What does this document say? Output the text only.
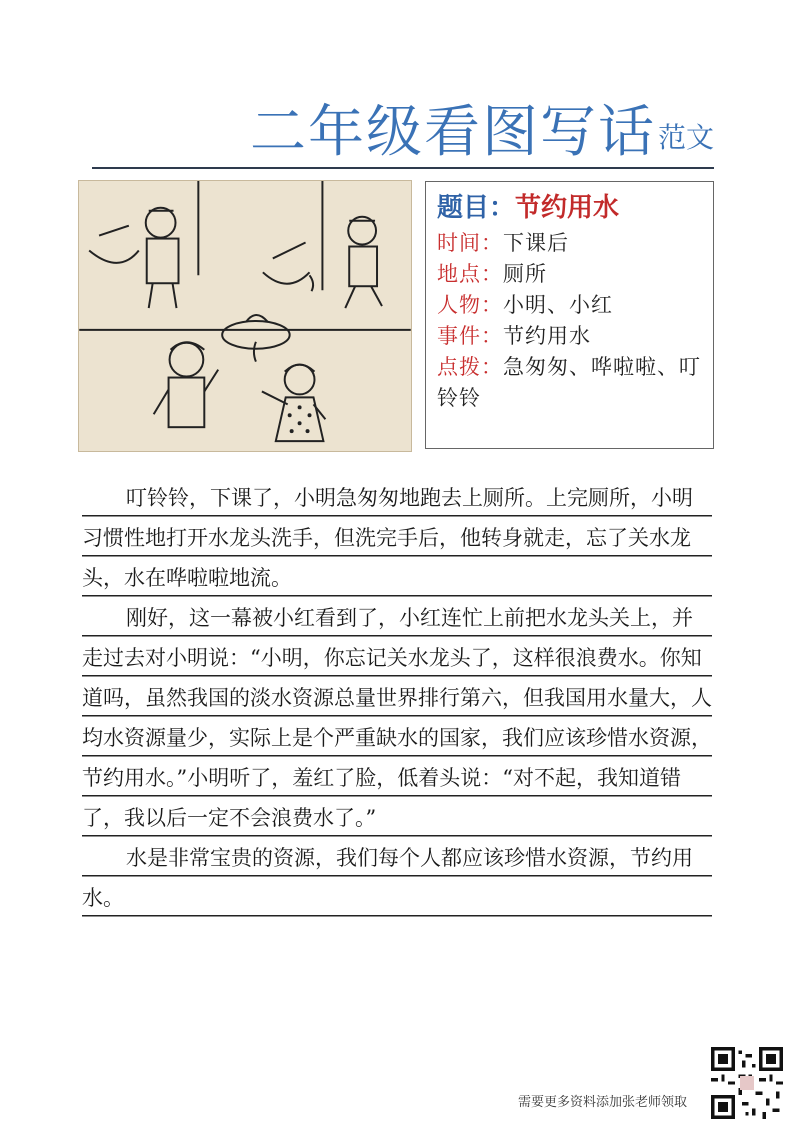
二年级看图写话范文
题目：节约用水
时间：下课后
地点：厕所
人物：小明、小红
事件：节约用水
点拨：急匆匆、哗啦啦、叮铃铃

叮铃铃，下课了，小明急匆匆地跑去上厕所。上完厕所，小明习惯性地打开水龙头洗手，但洗完手后，他转身就走，忘了关水龙头，水在哗啦啦地流。

刚好，这一幕被小红看到了，小红连忙上前把水龙头关上，并走过去对小明说：“小明，你忘记关水龙头了，这样很浪费水。你知道吗，虽然我国的淡水资源总量世界排行第六，但我国用水量大，人均水资源量少，实际上是个严重缺水的国家，我们应该珍惜水资源，节约用水。”小明听了，羞红了脸，低着头说：“对不起，我知道错了，我以后一定不会浪费水了。”

水是非常宝贵的资源，我们每个人都应该珍惜水资源，节约用水。

需要更多资料添加张老师领取
